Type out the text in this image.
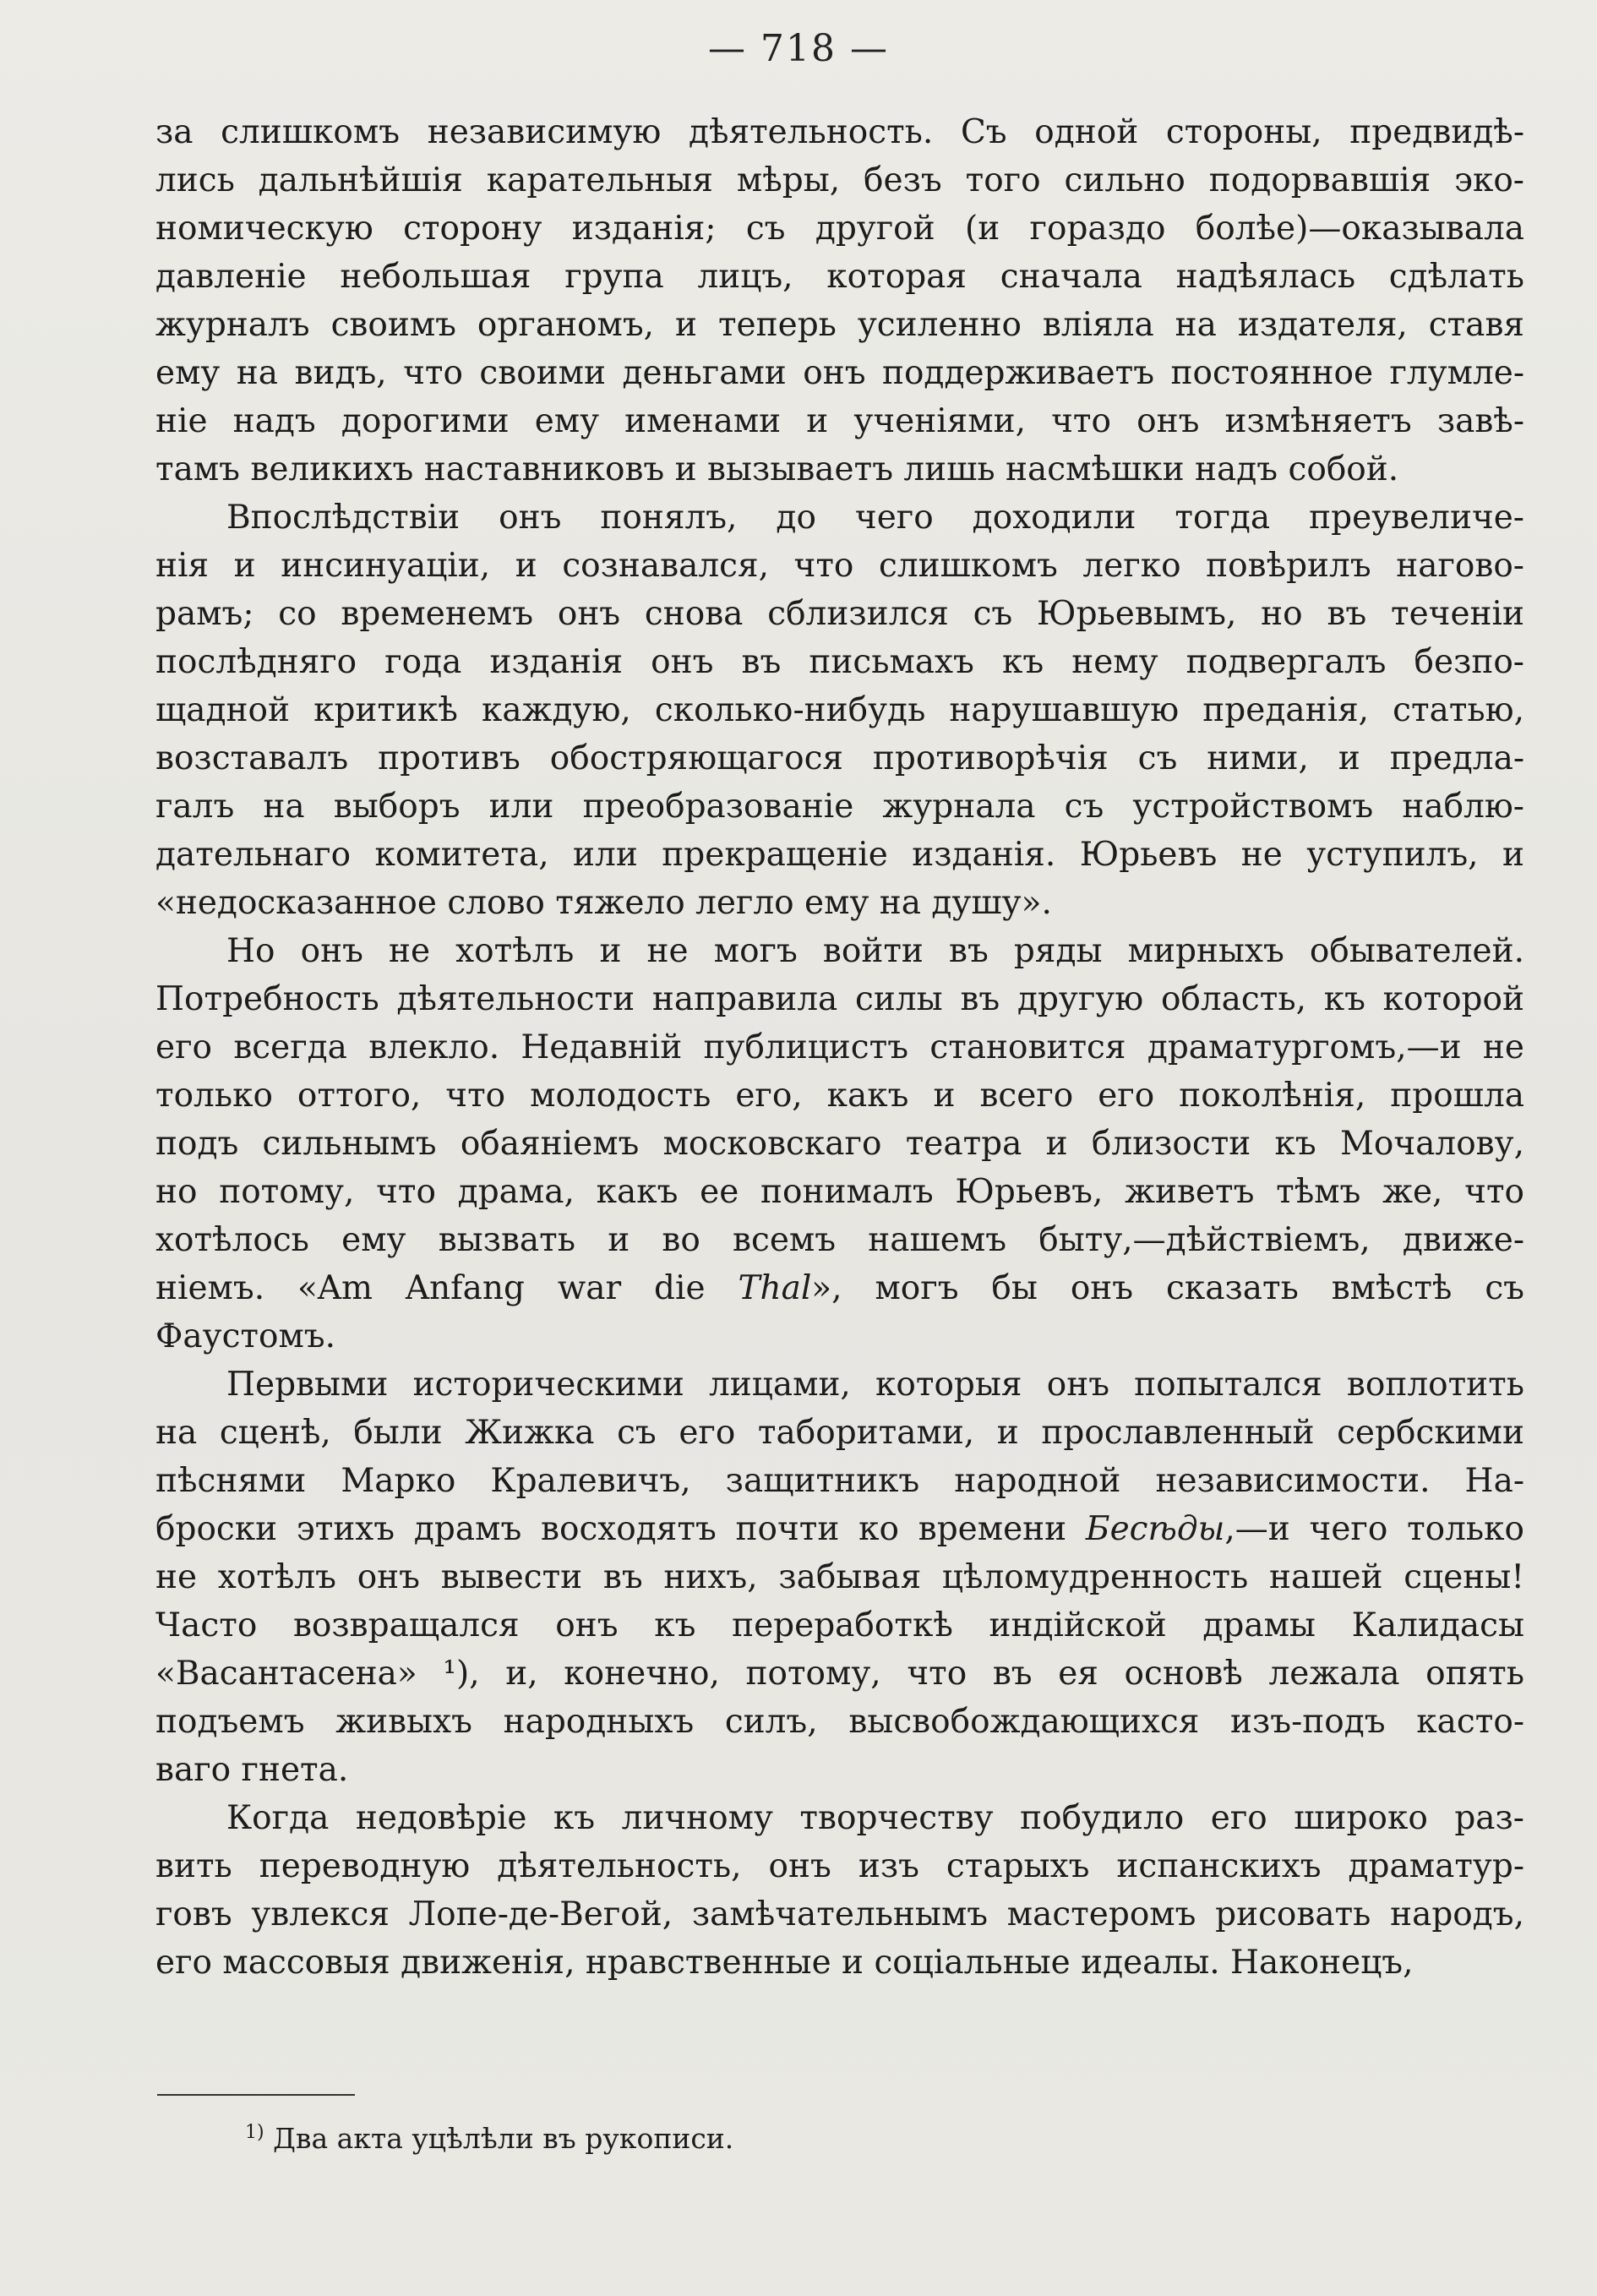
— 718 —
за слишкомъ независимую дѣятельность. Съ одной стороны, предвидѣ-
лись дальнѣйшія карательныя мѣры, безъ того сильно подорвавшія эко-
номическую сторону изданія; съ другой (и гораздо болѣе)—оказывала
давленіе небольшая група лицъ, которая сначала надѣялась сдѣлать
журналъ своимъ органомъ, и теперь усиленно вліяла на издателя, ставя
ему на видъ, что своими деньгами онъ поддерживаетъ постоянное глумле-
ніе надъ дорогими ему именами и ученіями, что онъ измѣняетъ завѣ-
тамъ великихъ наставниковъ и вызываетъ лишь насмѣшки надъ собой.
Впослѣдствіи онъ понялъ, до чего доходили тогда преувеличе-
нія и инсинуаціи, и сознавался, что слишкомъ легко повѣрилъ наговo-
рамъ; со временемъ онъ снова сблизился съ Юрьевымъ, но въ теченіи
послѣдняго года изданія онъ въ письмахъ къ нему подвергалъ безпо-
щадной критикѣ каждую, сколько-нибудь нарушавшую преданія, статью,
возставалъ противъ обостряющагося противорѣчія съ ними, и предла-
галъ на выборъ или преобразованіе журнала съ устройствомъ наблю-
дательнаго комитета, или прекращеніе изданія. Юрьевъ не уступилъ, и
«недосказанное слово тяжело легло ему на душу».
Но онъ не хотѣлъ и не могъ войти въ ряды мирныхъ обывателей.
Потребность дѣятельности направила силы въ другую область, къ которой
его всегда влекло. Недавній публицистъ становится драматургомъ,—и не
только оттого, что молодость его, какъ и всего его поколѣнія, прошла
подъ сильнымъ обаяніемъ московскаго театра и близости къ Мочалову,
но потому, что драма, какъ ее понималъ Юрьевъ, живетъ тѣмъ же, что
хотѣлось ему вызвать и во всемъ нашемъ быту,—дѣйствіемъ, движе-
ніемъ. «Am Anfang war die Thal», могъ бы онъ сказать вмѣстѣ съ
Фаустомъ.
Первыми историческими лицами, которыя онъ попытался воплотить
на сценѣ, были Жижка съ его таборитами, и прославленный сербскими
пѣснями Марко Кралевичъ, защитникъ народной независимости. На-
броски этихъ драмъ восходятъ почти ко времени Бесѣды,—и чего только
не хотѣлъ онъ вывести въ нихъ, забывая цѣломудренность нашей сцены!
Часто возвращался онъ къ переработкѣ индійской драмы Калидасы
«Васантасена» ¹), и, конечно, потому, что въ ея основѣ лежала опять
подъемъ живыхъ народныхъ силъ, высвобождающихся изъ-подъ касто-
ваго гнета.
Когда недовѣріе къ личному творчеству побудило его широко раз-
вить переводную дѣятельность, онъ изъ старыхъ испанскихъ драматур-
говъ увлекся Лопе-де-Вегой, замѣчательнымъ мастеромъ рисовать народъ,
его массовыя движенія, нравственные и соціальные идеалы. Наконецъ,
$^{1)}$ Два акта уцѣлѣли въ рукописи.
